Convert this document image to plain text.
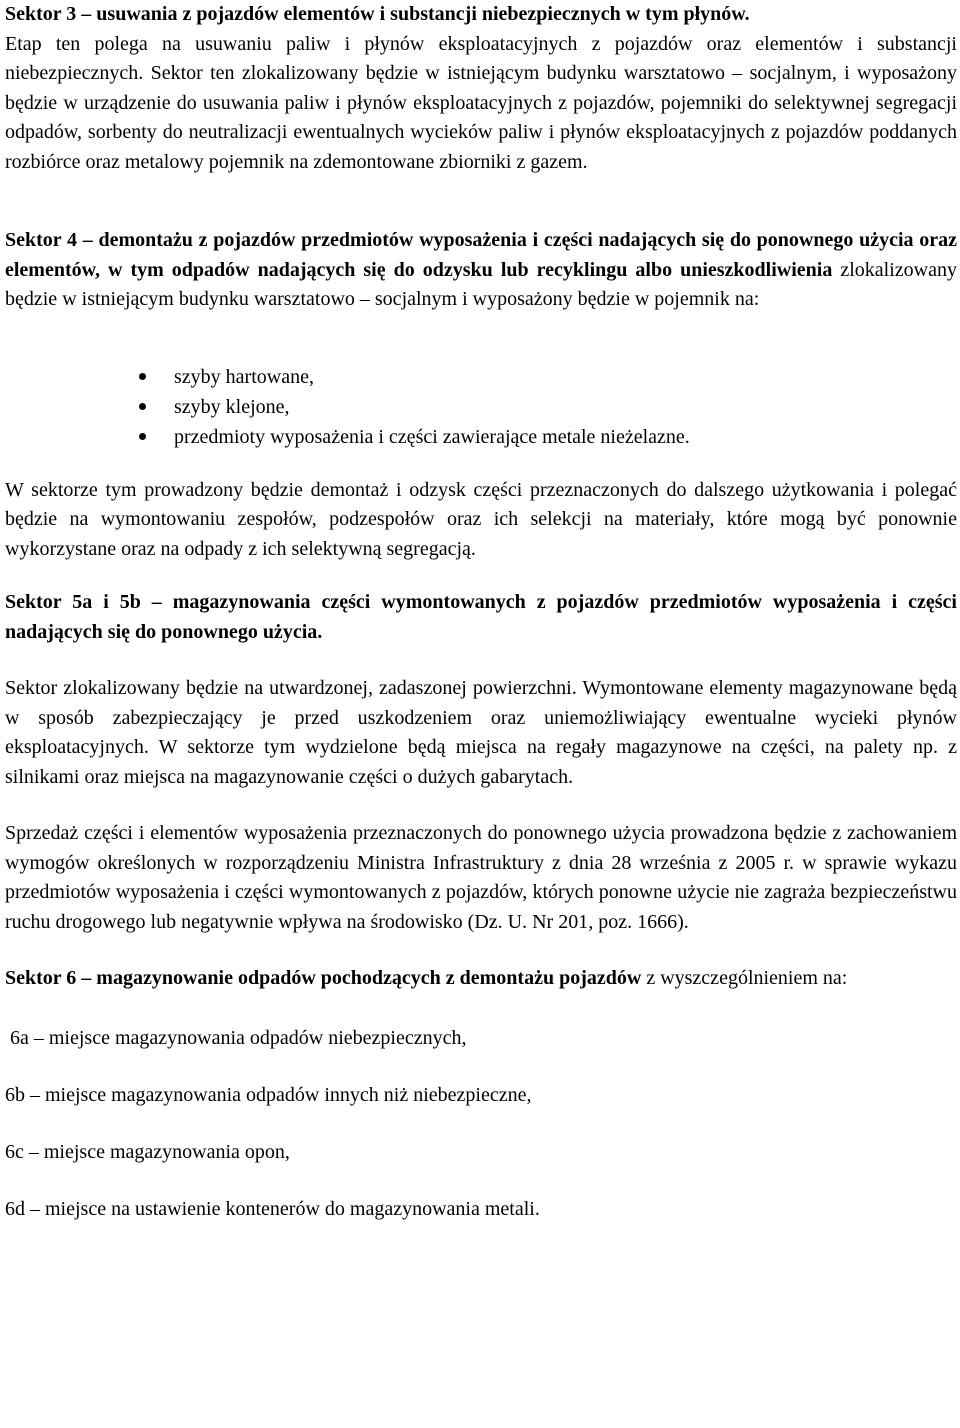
Sektor 3 – usuwania z pojazdów elementów i substancji niebezpiecznych w tym płynów.

Etap ten polega na usuwaniu paliw i płynów eksploatacyjnych z pojazdów oraz elementów i substancji niebezpiecznych. Sektor ten zlokalizowany będzie w istniejącym budynku warsztatowo – socjalnym, i wyposażony będzie w urządzenie do usuwania paliw i płynów eksploatacyjnych z pojazdów, pojemniki do selektywnej segregacji odpadów, sorbenty do neutralizacji ewentualnych wycieków paliw i płynów eksploatacyjnych z pojazdów poddanych rozbiórce oraz metalowy pojemnik na zdemontowane zbiorniki z gazem.

Sektor 4 – demontażu z pojazdów przedmiotów wyposażenia i części nadających się do ponownego użycia oraz elementów, w tym odpadów nadających się do odzysku lub recyklingu albo unieszkodliwienia zlokalizowany będzie w istniejącym budynku warsztatowo – socjalnym i wyposażony będzie w pojemnik na:

szyby hartowane,
szyby klejone,
przedmioty wyposażenia i części zawierające metale nieżelazne.

W sektorze tym prowadzony będzie demontaż i odzysk części przeznaczonych do dalszego użytkowania i polegać będzie na wymontowaniu zespołów, podzespołów oraz ich selekcji na materiały, które mogą być ponownie wykorzystane oraz na odpady z ich selektywną segregacją.

Sektor 5a i 5b – magazynowania części wymontowanych z pojazdów przedmiotów wyposażenia i części nadających się do ponownego użycia.

Sektor zlokalizowany będzie na utwardzonej, zadaszonej powierzchni. Wymontowane elementy magazynowane będą w sposób zabezpieczający je przed uszkodzeniem oraz uniemożliwiający ewentualne wycieki płynów eksploatacyjnych. W sektorze tym wydzielone będą miejsca na regały magazynowe na części, na palety np. z silnikami oraz miejsca na magazynowanie części o dużych gabarytach.

Sprzedaż części i elementów wyposażenia przeznaczonych do ponownego użycia prowadzona będzie z zachowaniem wymogów określonych w rozporządzeniu Ministra Infrastruktury z dnia 28 września z 2005 r. w sprawie wykazu przedmiotów wyposażenia i części wymontowanych z pojazdów, których ponowne użycie nie zagraża bezpieczeństwu ruchu drogowego lub negatywnie wpływa na środowisko (Dz. U. Nr 201, poz. 1666).

Sektor 6 – magazynowanie odpadów pochodzących z demontażu pojazdów z wyszczególnieniem na:

6a – miejsce magazynowania odpadów niebezpiecznych,
6b – miejsce magazynowania odpadów innych niż niebezpieczne,
6c – miejsce magazynowania opon,
6d – miejsce na ustawienie kontenerów do magazynowania metali.
